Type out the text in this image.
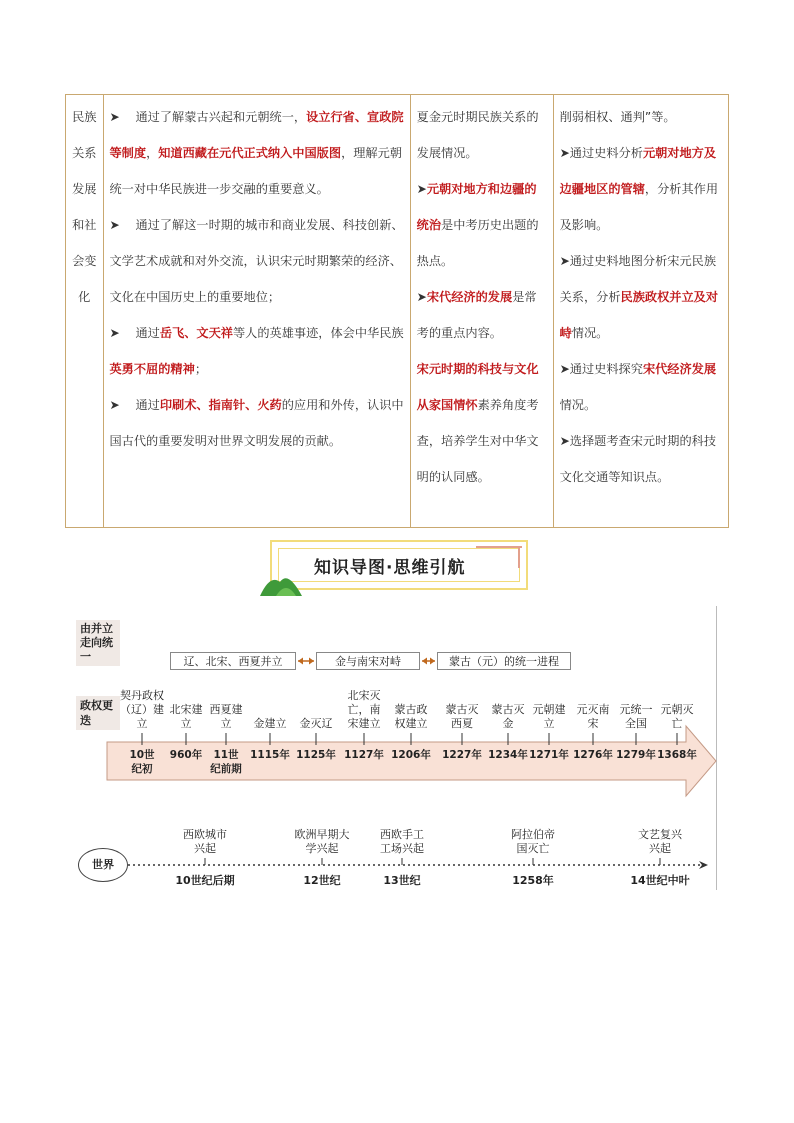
民族
关系
发展
和社
会变
化

➤ 通过了解蒙古兴起和元朝统一，设立行省、宣政院等制度，知道西藏在元代正式纳入中国版图，理解元朝统一对中华民族进一步交融的重要意义。
➤ 通过了解这一时期的城市和商业发展、科技创新、文学艺术成就和对外交流，认识宋元时期繁荣的经济、文化在中国历史上的重要地位；
➤ 通过岳飞、文天祥等人的英雄事迹，体会中华民族英勇不屈的精神；
➤ 通过印刷术、指南针、火药的应用和外传，认识中国古代的重要发明对世界文明发展的贡献。

夏金元时期民族关系的发展情况。
➤元朝对地方和边疆的统治是中考历史出题的热点。
➤宋代经济的发展是常考的重点内容。
宋元时期的科技与文化从家国情怀素养角度考查，培养学生对中华文明的认同感。

削弱相权、通判”等。
➤通过史料分析元朝对地方及边疆地区的管辖，分析其作用及影响。
➤通过史料地图分析宋元民族关系，分析民族政权并立及对峙情况。
➤通过史料探究宋代经济发展情况。
➤选择题考查宋元时期的科技文化交通等知识点。
知识导图·思维引航
由并立走向统一
政权更迭
辽、北宋、西夏并立	金与南宋对峙	蒙古（元）的统一进程
契丹政权（辽）建立
10世纪初
北宋建立
960年
西夏建立
11世纪前期
金建立
1115年
金灭辽
1125年
北宋灭亡，南宋建立
1127年
蒙古政权建立
1206年
蒙古灭西夏
1227年
蒙古灭金
1234年
元朝建立
1271年
元灭南宋
1276年
元统一全国
1279年
元朝灭亡
1368年
世界
西欧城市兴起
10世纪后期
欧洲早期大学兴起
12世纪
西欧手工工场兴起
13世纪
阿拉伯帝国灭亡
1258年
文艺复兴兴起
14世纪中叶
